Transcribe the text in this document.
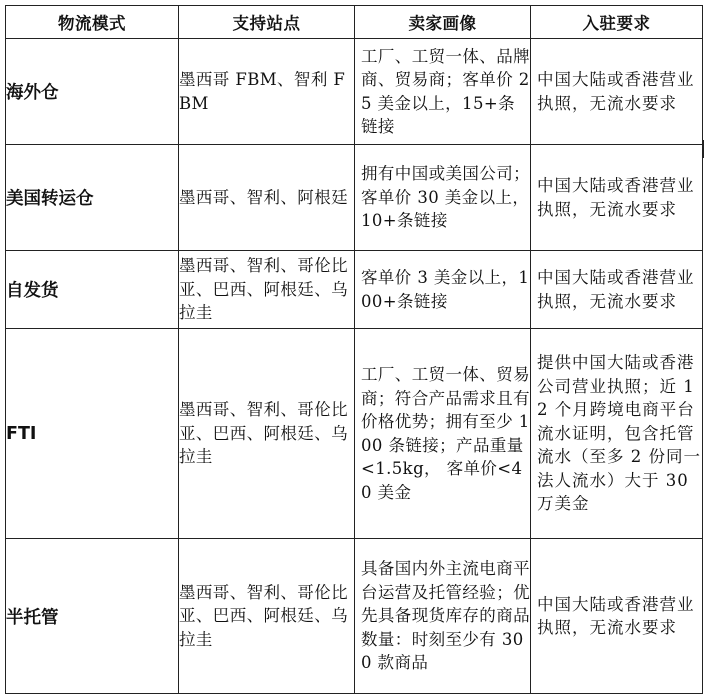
物流模式	支持站点	卖家画像	入驻要求
海外仓	墨西哥 FBM、智利 FBM	工厂、工贸一体、品牌商、贸易商；客单价 25 美金以上，15+条链接	中国大陆或香港营业执照，无流水要求
美国转运仓	墨西哥、智利、阿根廷	拥有中国或美国公司；客单价 30 美金以上，10+条链接	中国大陆或香港营业执照，无流水要求
自发货	墨西哥、智利、哥伦比亚、巴西、阿根廷、乌拉圭	客单价 3 美金以上，100+条链接	中国大陆或香港营业执照，无流水要求
FTI	墨西哥、智利、哥伦比亚、巴西、阿根廷、乌拉圭	工厂、工贸一体、贸易商；符合产品需求且有价格优势；拥有至少 100 条链接；产品重量<1.5kg， 客单价<40 美金	提供中国大陆或香港公司营业执照；近 12 个月跨境电商平台流水证明，包含托管流水（至多 2 份同一法人流水）大于 30 万美金
半托管	墨西哥、智利、哥伦比亚、巴西、阿根廷、乌拉圭	具备国内外主流电商平台运营及托管经验；优先具备现货库存的商品数量：时刻至少有 300 款商品	中国大陆或香港营业执照，无流水要求
